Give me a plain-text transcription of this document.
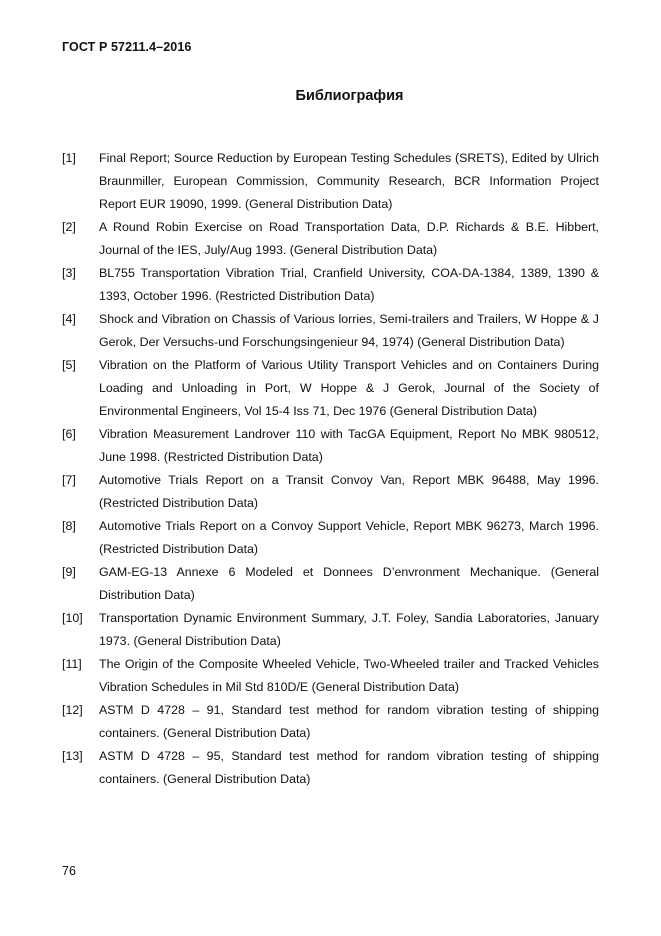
ГОСТ Р 57211.4–2016
Библиография
[1]	Final Report; Source Reduction by European Testing Schedules (SRETS), Edited by Ulrich Braunmiller, European Commission, Community Research, BCR Information Project Report EUR 19090, 1999. (General Distribution Data)
[2]	A Round Robin Exercise on Road Transportation Data, D.P. Richards & B.E. Hibbert, Journal of the IES, July/Aug 1993. (General Distribution Data)
[3]	BL755 Transportation Vibration Trial, Cranfield University, COA-DA-1384, 1389, 1390 & 1393, October 1996. (Restricted Distribution Data)
[4]	Shock and Vibration on Chassis of Various lorries, Semi-trailers and Trailers, W Hoppe & J Gerok, Der Versuchs-und Forschungsingenieur 94, 1974) (General Distribution Data)
[5]	Vibration on the Platform of Various Utility Transport Vehicles and on Containers During Loading and Unloading in Port, W Hoppe & J Gerok, Journal of the Society of Environmental Engineers, Vol 15-4 Iss 71, Dec 1976 (General Distribution Data)
[6]	Vibration Measurement Landrover 110 with TacGA Equipment, Report No MBK 980512, June 1998. (Restricted Distribution Data)
[7]	Automotive Trials Report on a Transit Convoy Van, Report MBK 96488, May 1996. (Restricted Distribution Data)
[8]	Automotive Trials Report on a Convoy Support Vehicle, Report MBK 96273, March 1996. (Restricted Distribution Data)
[9]	GAM-EG-13 Annexe 6 Modeled et Donnees D’envronment Mechanique. (General Distribution Data)
[10]	Transportation Dynamic Environment Summary, J.T. Foley, Sandia Laboratories, January 1973. (General Distribution Data)
[11]	The Origin of the Composite Wheeled Vehicle, Two-Wheeled trailer and Tracked Vehicles Vibration Schedules in Mil Std 810D/E (General Distribution Data)
[12]	ASTM D 4728 – 91, Standard test method for random vibration testing of shipping containers. (General Distribution Data)
[13]	ASTM D 4728 – 95, Standard test method for random vibration testing of shipping containers. (General Distribution Data)
76
